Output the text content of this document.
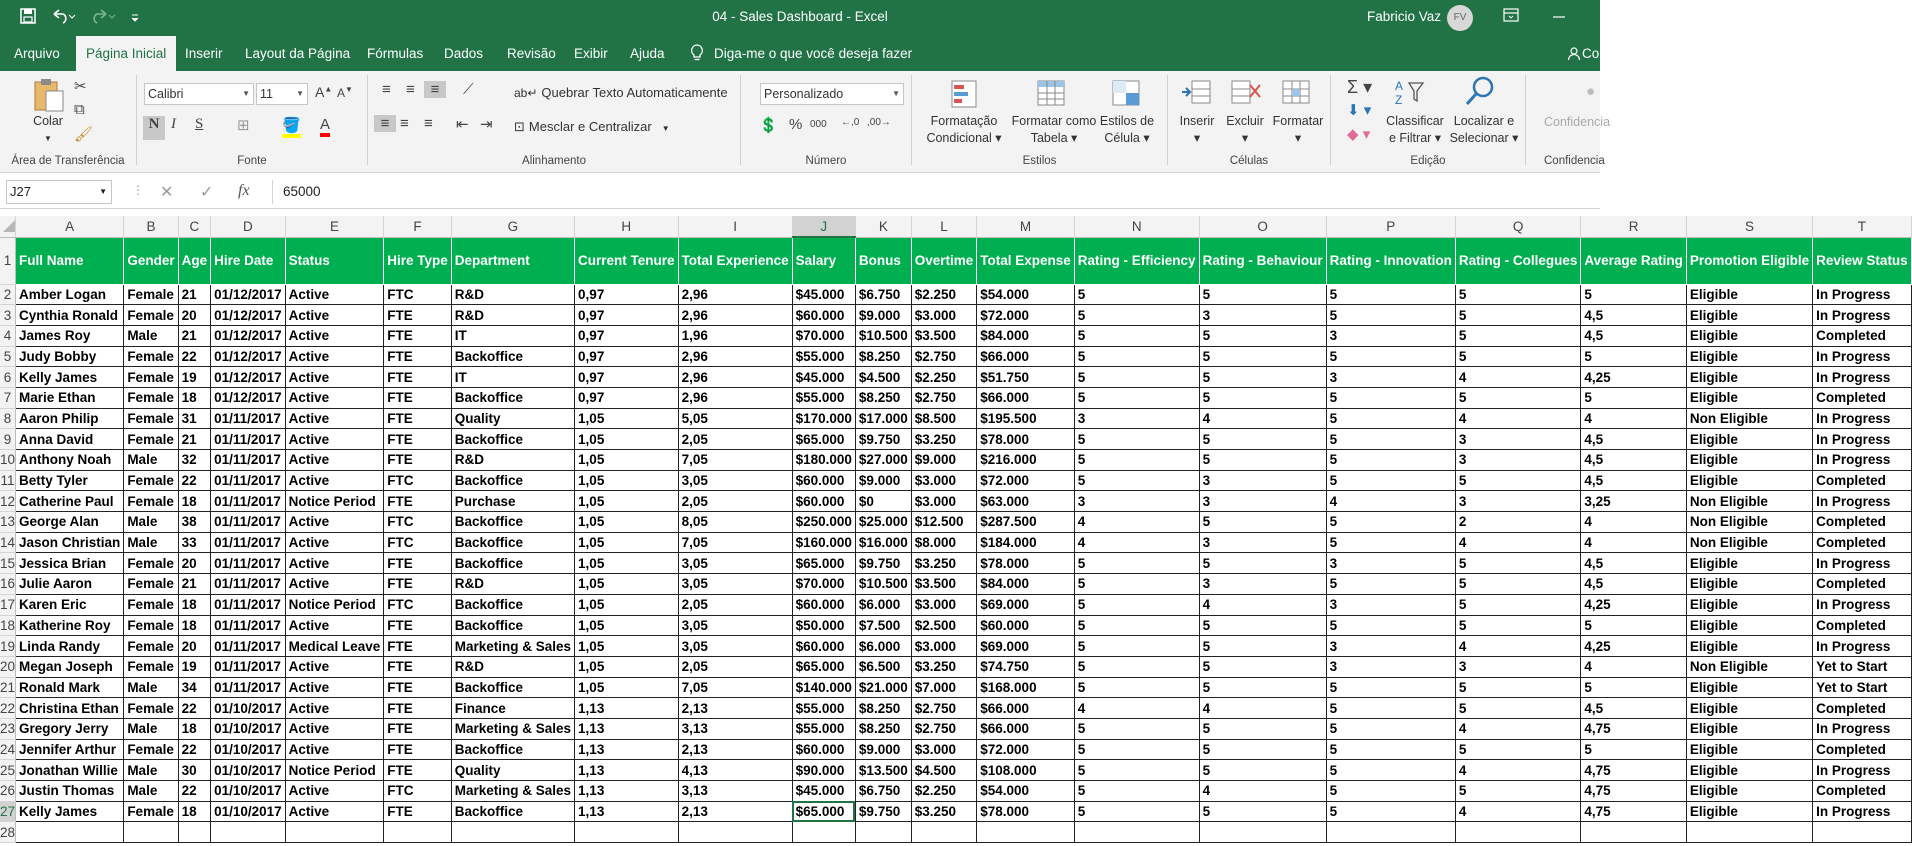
04 - Sales Dashboard - Excel	Fabricio Vaz	FV
Arquivo	Página Inicial	Inserir	Layout da Página	Fórmulas	Dados	Revisão	Exibir	Ajuda	Diga-me o que você deseja fazer	Co
Colar
▼
✂
⧉
🖌
Área de Transferência
Calibri	▼ 11	▼ A▲ A▼
N I S ⊞ 🪣 A
Fonte
≡ ≡	≡	⟋
≡ ≡ ≡ ⇤ ⇥
ab↵ Quebrar Texto Automaticamente
⊡ Mesclar e Centralizar ▼
Alinhamento
Personalizado	▼
💲 % 000 ←,0 ,00→
Número
Formatação
Condicional ▾
Formatar como
Tabela ▾
Estilos de
Célula ▾
Estilos
Inserir
▾
Excluir
▾
Formatar
▾
Células
Σ ▾
⬇ ▾
◆ ▾
A
Z
Classificar
e Filtrar ▾
Localizar e
Selecionar ▾
Edição
●
Confidencia
Confidencia
J27	▼ ⋮ ✕ ✓ fx	65000
	A	B	C	D	E	F	G	H	I	J	K	L	M	N	O	P	Q	R	S	T
1	Full Name	Gender	Age	Hire Date	Status	Hire Type	Department	Current Tenure	Total Experience	Salary	Bonus	Overtime	Total Expense	Rating - Efficiency	Rating - Behaviour	Rating - Innovation	Rating - Collegues	Average Rating	Promotion Eligible	Review Status
2	Amber Logan	Female	21	01/12/2017	Active	FTC	R&D	0,97	2,96	$45.000	$6.750	$2.250	$54.000	5	5	5	5	5	Eligible	In Progress
3	Cynthia Ronald	Female	20	01/12/2017	Active	FTE	R&D	0,97	2,96	$60.000	$9.000	$3.000	$72.000	5	3	5	5	4,5	Eligible	In Progress
4	James Roy	Male	21	01/12/2017	Active	FTE	IT	0,97	1,96	$70.000	$10.500	$3.500	$84.000	5	5	3	5	4,5	Eligible	Completed
5	Judy Bobby	Female	22	01/12/2017	Active	FTE	Backoffice	0,97	2,96	$55.000	$8.250	$2.750	$66.000	5	5	5	5	5	Eligible	In Progress
6	Kelly James	Female	19	01/12/2017	Active	FTE	IT	0,97	2,96	$45.000	$4.500	$2.250	$51.750	5	5	3	4	4,25	Eligible	In Progress
7	Marie Ethan	Female	18	01/12/2017	Active	FTE	Backoffice	0,97	2,96	$55.000	$8.250	$2.750	$66.000	5	5	5	5	5	Eligible	Completed
8	Aaron Philip	Female	31	01/11/2017	Active	FTE	Quality	1,05	5,05	$170.000	$17.000	$8.500	$195.500	3	4	5	4	4	Non Eligible	In Progress
9	Anna David	Female	21	01/11/2017	Active	FTE	Backoffice	1,05	2,05	$65.000	$9.750	$3.250	$78.000	5	5	5	3	4,5	Eligible	In Progress
10	Anthony Noah	Male	32	01/11/2017	Active	FTE	R&D	1,05	7,05	$180.000	$27.000	$9.000	$216.000	5	5	5	3	4,5	Eligible	In Progress
11	Betty Tyler	Female	22	01/11/2017	Active	FTC	Backoffice	1,05	3,05	$60.000	$9.000	$3.000	$72.000	5	3	5	5	4,5	Eligible	Completed
12	Catherine Paul	Female	18	01/11/2017	Notice Period	FTE	Purchase	1,05	2,05	$60.000	$0	$3.000	$63.000	3	3	4	3	3,25	Non Eligible	In Progress
13	George Alan	Male	38	01/11/2017	Active	FTC	Backoffice	1,05	8,05	$250.000	$25.000	$12.500	$287.500	4	5	5	2	4	Non Eligible	Completed
14	Jason Christian	Male	33	01/11/2017	Active	FTC	Backoffice	1,05	7,05	$160.000	$16.000	$8.000	$184.000	4	3	5	4	4	Non Eligible	Completed
15	Jessica Brian	Female	20	01/11/2017	Active	FTE	Backoffice	1,05	3,05	$65.000	$9.750	$3.250	$78.000	5	5	3	5	4,5	Eligible	In Progress
16	Julie Aaron	Female	21	01/11/2017	Active	FTE	R&D	1,05	3,05	$70.000	$10.500	$3.500	$84.000	5	3	5	5	4,5	Eligible	Completed
17	Karen Eric	Female	18	01/11/2017	Notice Period	FTC	Backoffice	1,05	2,05	$60.000	$6.000	$3.000	$69.000	5	4	3	5	4,25	Eligible	In Progress
18	Katherine Roy	Female	18	01/11/2017	Active	FTE	Backoffice	1,05	3,05	$50.000	$7.500	$2.500	$60.000	5	5	5	5	5	Eligible	Completed
19	Linda Randy	Female	20	01/11/2017	Medical Leave	FTE	Marketing & Sales	1,05	3,05	$60.000	$6.000	$3.000	$69.000	5	5	3	4	4,25	Eligible	In Progress
20	Megan Joseph	Female	19	01/11/2017	Active	FTE	R&D	1,05	2,05	$65.000	$6.500	$3.250	$74.750	5	5	3	3	4	Non Eligible	Yet to Start
21	Ronald Mark	Male	34	01/11/2017	Active	FTE	Backoffice	1,05	7,05	$140.000	$21.000	$7.000	$168.000	5	5	5	5	5	Eligible	Yet to Start
22	Christina Ethan	Female	22	01/10/2017	Active	FTE	Finance	1,13	2,13	$55.000	$8.250	$2.750	$66.000	4	4	5	5	4,5	Eligible	Completed
23	Gregory Jerry	Male	18	01/10/2017	Active	FTE	Marketing & Sales	1,13	3,13	$55.000	$8.250	$2.750	$66.000	5	5	5	4	4,75	Eligible	In Progress
24	Jennifer Arthur	Female	22	01/10/2017	Active	FTE	Backoffice	1,13	2,13	$60.000	$9.000	$3.000	$72.000	5	5	5	5	5	Eligible	Completed
25	Jonathan Willie	Male	30	01/10/2017	Notice Period	FTE	Quality	1,13	4,13	$90.000	$13.500	$4.500	$108.000	5	5	5	4	4,75	Eligible	In Progress
26	Justin Thomas	Male	22	01/10/2017	Active	FTC	Marketing & Sales	1,13	3,13	$45.000	$6.750	$2.250	$54.000	5	4	5	5	4,75	Eligible	Completed
27	Kelly James	Female	18	01/10/2017	Active	FTE	Backoffice	1,13	2,13	$65.000	$9.750	$3.250	$78.000	5	5	5	4	4,75	Eligible	In Progress
28																				
